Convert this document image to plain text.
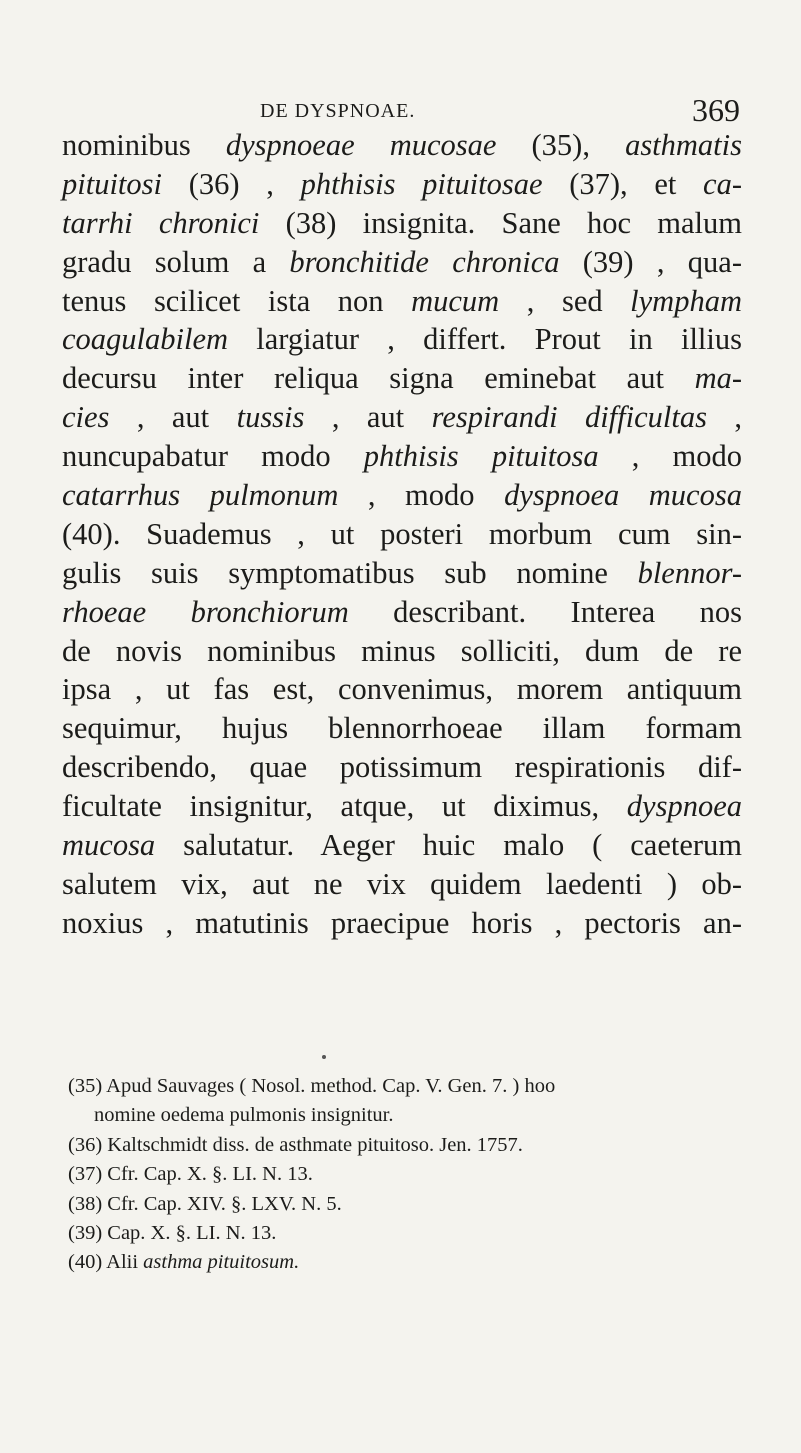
DE DYSPNOAE.	369
nominibus dyspnoeae mucosae (35), asthmatis
pituitosi (36) , phthisis pituitosae (37), et ca-
tarrhi chronici (38) insignita. Sane hoc malum
gradu solum a bronchitide chronica (39) , qua-
tenus scilicet ista non mucum , sed lympham
coagulabilem largiatur , differt. Prout in illius
decursu inter reliqua signa eminebat aut ma-
cies , aut tussis , aut respirandi difficultas ,
nuncupabatur modo phthisis pituitosa , modo
catarrhus pulmonum , modo dyspnoea mucosa
(40). Suademus , ut posteri morbum cum sin-
gulis suis symptomatibus sub nomine blennor-
rhoeae bronchiorum describant. Interea nos
de novis nominibus minus solliciti, dum de re
ipsa , ut fas est, convenimus, morem antiquum
sequimur, hujus blennorrhoeae illam formam
describendo, quae potissimum respirationis dif-
ficultate insignitur, atque, ut diximus, dyspnoea
mucosa salutatur. Aeger huic malo ( caeterum
salutem vix, aut ne vix quidem laedenti ) ob-
noxius , matutinis praecipue horis , pectoris an-
(35) Apud Sauvages ( Nosol. method. Cap. V. Gen. 7. ) hoo
nomine oedema pulmonis insignitur.
(36) Kaltschmidt diss. de asthmate pituitoso. Jen. 1757.
(37) Cfr. Cap. X. §. LI. N. 13.
(38) Cfr. Cap. XIV. §. LXV. N. 5.
(39) Cap. X. §. LI. N. 13.
(40) Alii asthma pituitosum.
